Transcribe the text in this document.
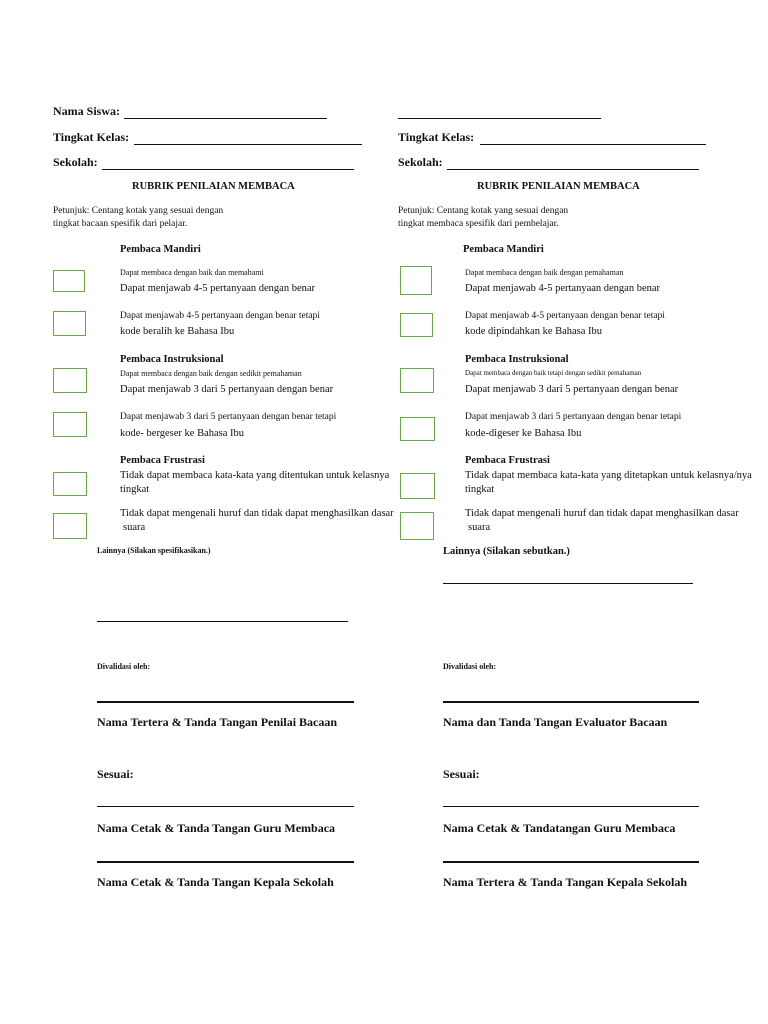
Nama Siswa:
Tingkat Kelas:
Sekolah:
RUBRIK PENILAIAN MEMBACA
Petunjuk: Centang kotak yang sesuai dengan
tingkat bacaan spesifik dari pelajar.
Pembaca Mandiri
Dapat membaca dengan baik dan memahami
Dapat menjawab 4-5 pertanyaan dengan benar
Dapat menjawab 4-5 pertanyaan dengan benar tetapi
kode beralih ke Bahasa Ibu
Pembaca Instruksional
Dapat membaca dengan baik dengan sedikit pemahaman
Dapat menjawab 3 dari 5 pertanyaan dengan benar
Dapat menjawab 3 dari 5 pertanyaan dengan benar tetapi
kode- bergeser ke Bahasa Ibu
Pembaca Frustrasi
Tidak dapat membaca kata-kata yang ditentukan untuk kelasnya
tingkat
Tidak dapat mengenali huruf dan tidak dapat menghasilkan dasar
suara
Lainnya (Silakan spesifikasikan.)
Divalidasi oleh:
Nama Tertera & Tanda Tangan Penilai Bacaan
Sesuai:
Nama Cetak & Tanda Tangan Guru Membaca
Nama Cetak & Tanda Tangan Kepala Sekolah
Tingkat Kelas:
Sekolah:
RUBRIK PENILAIAN MEMBACA
Petunjuk: Centang kotak yang sesuai dengan
tingkat membaca spesifik dari pembelajar.
Pembaca Mandiri
Dapat membaca dengan baik dengan pemahaman
Dapat menjawab 4-5 pertanyaan dengan benar
Dapat menjawab 4-5 pertanyaan dengan benar tetapi
kode dipindahkan ke Bahasa Ibu
Pembaca Instruksional
Dapat membaca dengan baik tetapi dengan sedikit pemahaman
Dapat menjawab 3 dari 5 pertanyaan dengan benar
Dapat menjawab 3 dari 5 pertanyaan dengan benar tetapi
kode-digeser ke Bahasa Ibu
Pembaca Frustrasi
Tidak dapat membaca kata-kata yang ditetapkan untuk kelasnya/nya
tingkat
Tidak dapat mengenali huruf dan tidak dapat menghasilkan dasar
suara
Lainnya (Silakan sebutkan.)
Divalidasi oleh:
Nama dan Tanda Tangan Evaluator Bacaan
Sesuai:
Nama Cetak & Tandatangan Guru Membaca
Nama Tertera & Tanda Tangan Kepala Sekolah
